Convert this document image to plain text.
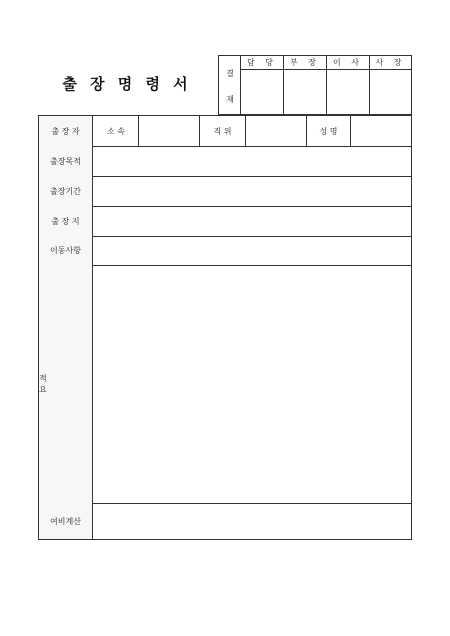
출 장 명 령 서
결
재
담 당	부 장	이 사	사 장
출 장 자	소 속	직 위	성 명
출장목적
출장기간
출 장 지
이동사항
적 요
여비계산
